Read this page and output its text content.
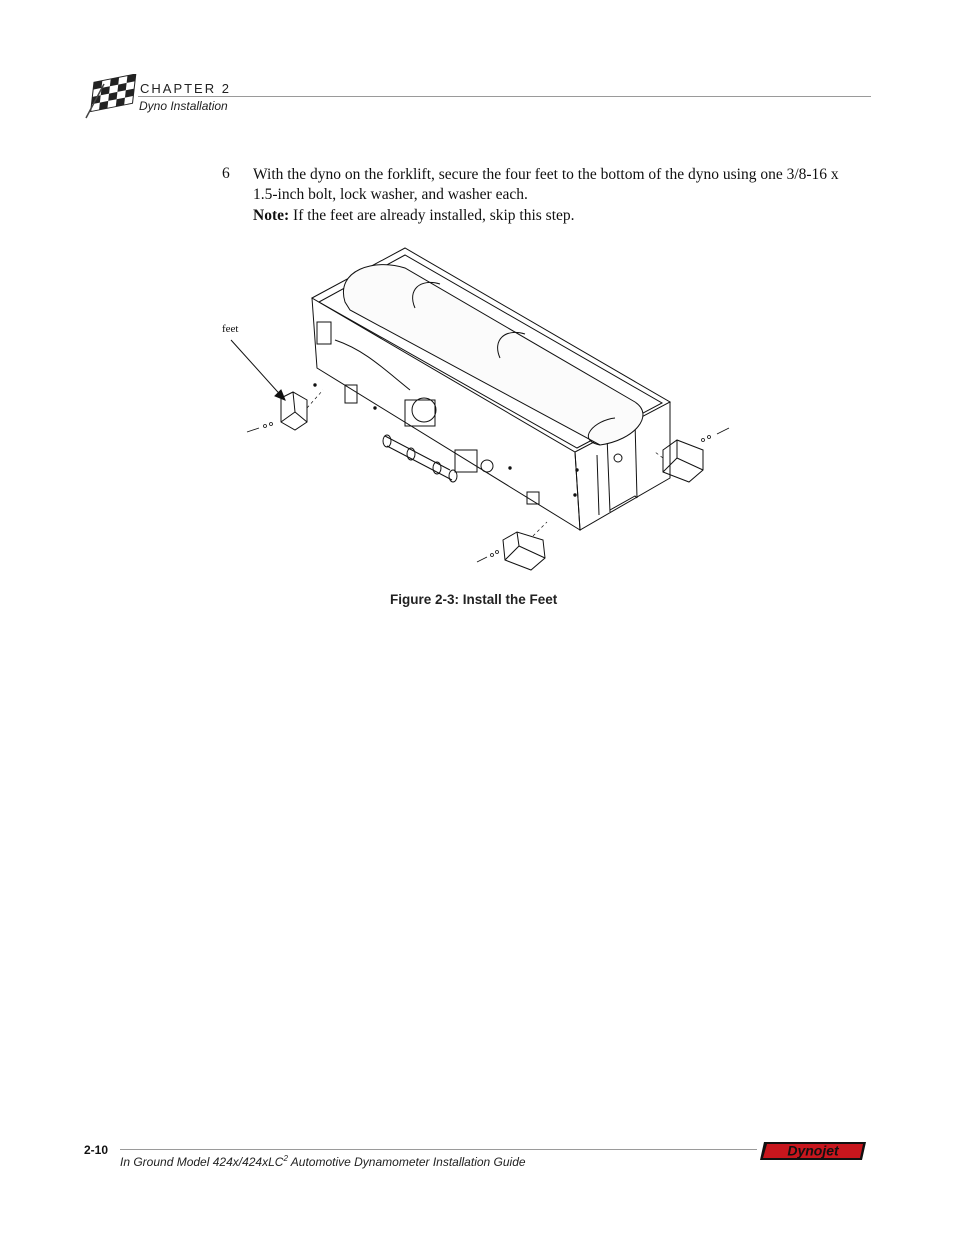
CHAPTER 2
Dyno Installation
6 With the dyno on the forklift, secure the four feet to the bottom of the dyno using one 3/8-16 x 1.5-inch bolt, lock washer, and washer each.
Note: If the feet are already installed, skip this step.
feet
Figure 2-3: Install the Feet
2-10
In Ground Model 424x/424xLC$^2$ Automotive Dynamometer Installation Guide
Dynojet
